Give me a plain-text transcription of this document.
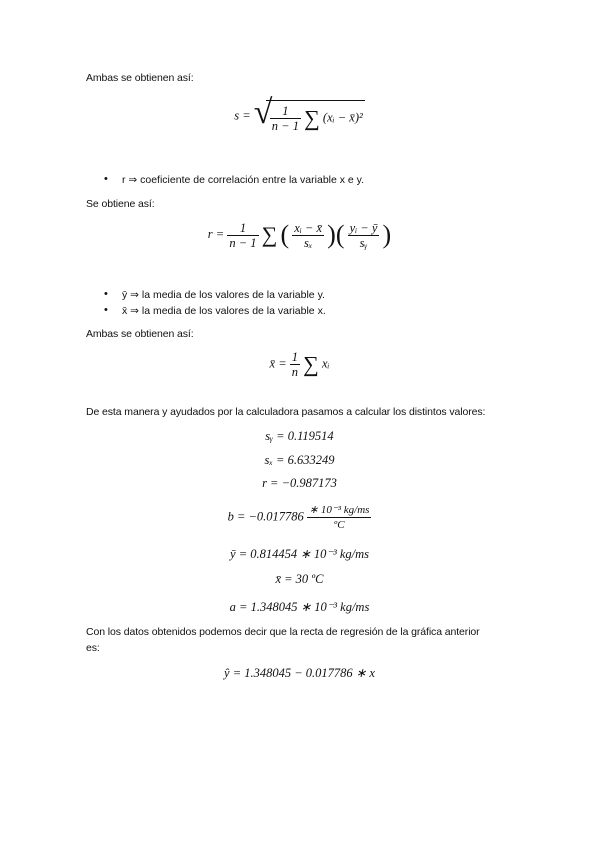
Ambas se obtienen así:
s = √
$\frac{1}{n - 1}$ ∑ (xᵢ − x̄)²
• r ⇒ coeficiente de correlación entre la variable x e y.
Se obtiene así:
$r = \frac{1}{n - 1}$ ∑ ( $\frac{\text{xᵢ − x̄}}{\text{sₓ}}$ )( $\frac{\text{yᵢ − ȳ}}{\text{sᵧ}}$ )
• ȳ ⇒ la media de los valores de la variable y.
• x̄ ⇒ la media de los valores de la variable x.
Ambas se obtienen así:
x̄ = $\frac{1}{n}$ ∑ xᵢ
De esta manera y ayudados por la calculadora pasamos a calcular los distintos valores:
sᵧ = 0.119514
sₓ = 6.633249
r = −0.987173
$b = -0.017786 \frac{\text{∗ 10⁻³ kg/ms}}{\text{ºC}}$
ȳ = 0.814454 ∗ 10⁻³ kg/ms
x̄ = 30 ºC
a = 1.348045 ∗ 10⁻³ kg/ms
Con los datos obtenidos podemos decir que la recta de regresión de la gráfica anterior
es:
ŷ = 1.348045 − 0.017786 ∗ x
